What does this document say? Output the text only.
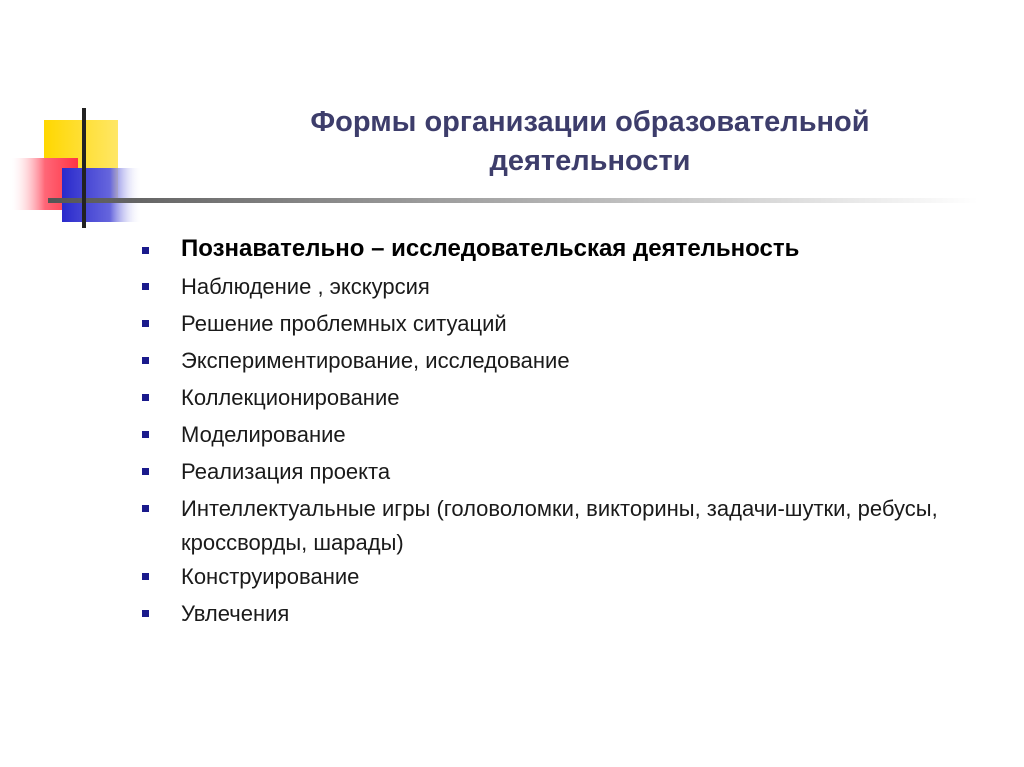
Формы организации образовательной
деятельности
Познавательно – исследовательская деятельность
Наблюдение , экскурсия
Решение проблемных ситуаций
Экспериментирование, исследование
Коллекционирование
Моделирование
Реализация проекта
Интеллектуальные игры (головоломки, викторины, задачи-шутки, ребусы, кроссворды, шарады)
Конструирование
Увлечения
